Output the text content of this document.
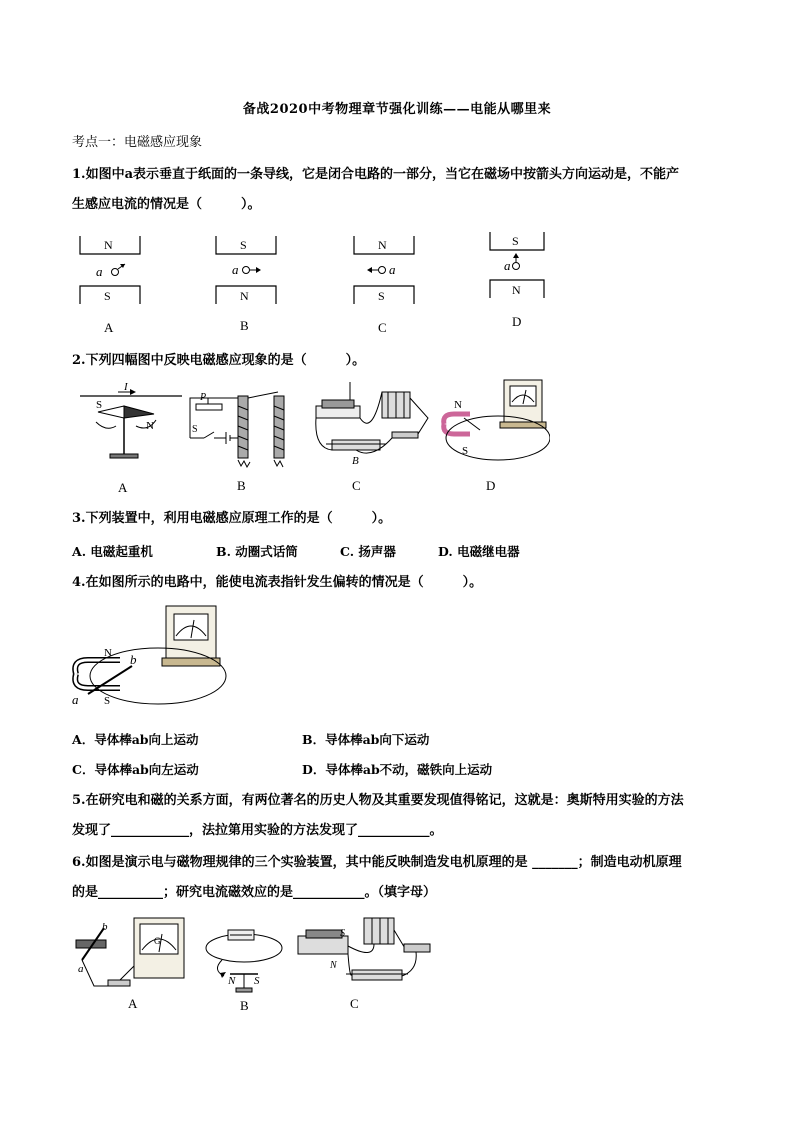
备战2020中考物理章节强化训练——电能从哪里来
考点一：电磁感应现象
1.如图中a表示垂直于纸面的一条导线，它是闭合电路的一部分，当它在磁场中按箭头方向运动是，不能产
生感应电流的情况是（　　　）。
N
a
S
A
S
a
N
B
N
a
S
C
S
a
N
D
2.下列四幅图中反映电磁感应现象的是（　　　）。
I
S
N
A
P
S
B
B
C
N
S
D
3.下列装置中，利用电磁感应原理工作的是（　　　）。
A. 电磁起重机	B. 动圈式话筒	C. 扬声器	D. 电磁继电器
4.在如图所示的电路中，能使电流表指针发生偏转的情况是（　　　）。
N
S
a
b
A．导体棒ab向上运动	B．导体棒ab向下运动
C．导体棒ab向左运动	D．导体棒ab不动，磁铁向上运动
5.在研究电和磁的关系方面，有两位著名的历史人物及其重要发现值得铭记，这就是：奥斯特用实验的方法
发现了____________，法拉第用实验的方法发现了___________。
6.如图是演示电与磁物理规律的三个实验装置，其中能反映制造发电机原理的是 _______；制造电动机原理
的是__________；研究电流磁效应的是___________。（填字母）
G
b
a
A
N S
B
S
N
C
